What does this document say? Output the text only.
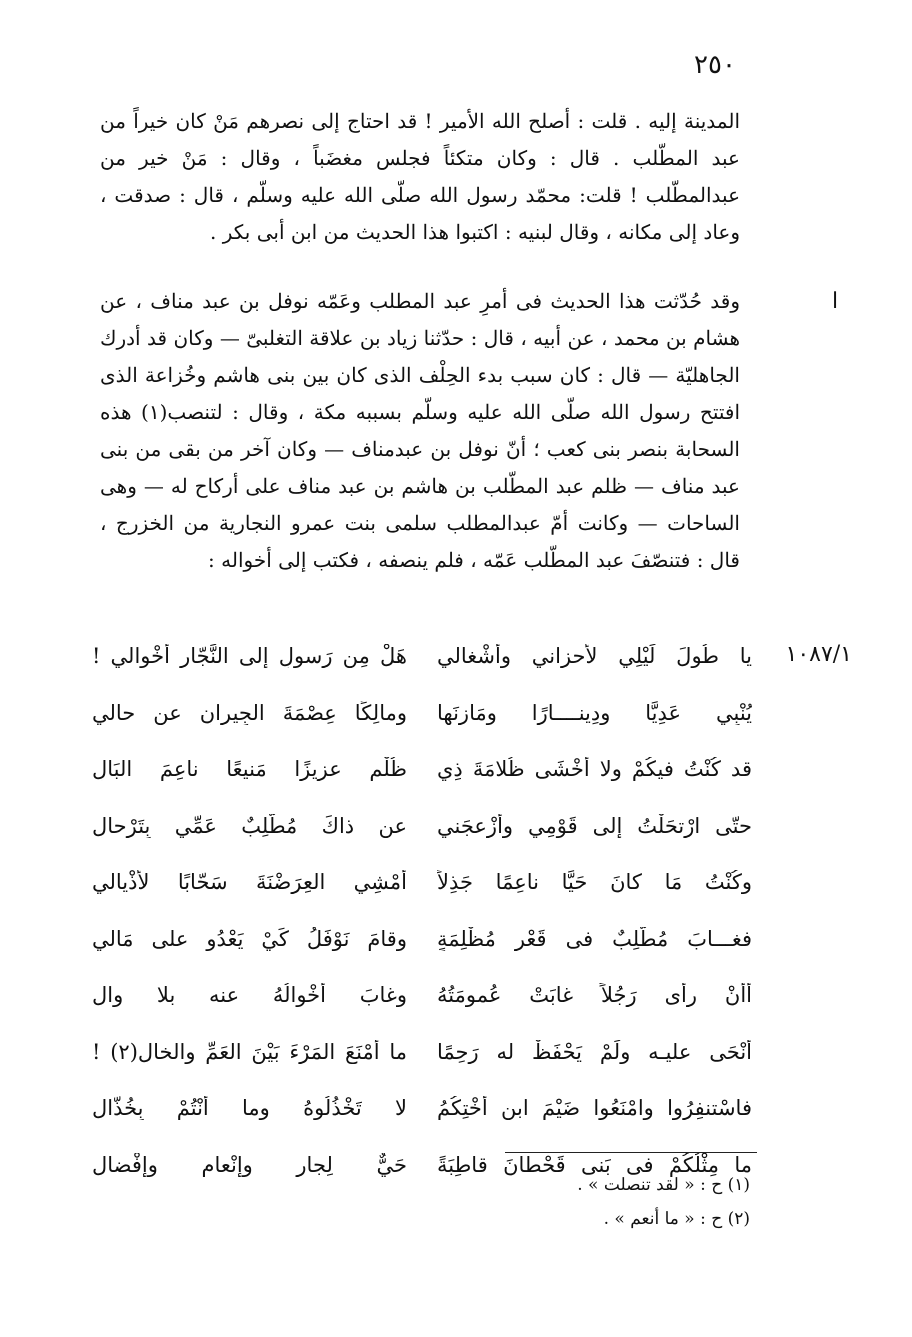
٢٥٠

المدينة إليه . قلت : أصلح الله الأمير ! قد احتاج إلى نصرهم مَنْ كان خيراً من عبد المطّلب . قال : وكان متكئاً فجلس مغضَباً ، وقال : مَنْ خير من عبدالمطّلب ! قلت: محمّد رسول الله صلّى الله عليه وسلّم ، قال : صدقت ، وعاد إلى مكانه ، وقال لبنيه : اكتبوا هذا الحديث من ابن أبى بكر .

ا

وقد حُدّثت هذا الحديث فى أمرِ عبد المطلب وعَمّه نوفل بن عبد مناف ، عن هشام بن محمد ، عن أبيه ، قال : حدّثنا زياد بن علاقة التغلبىّ — وكان قد أدرك الجاهليّة — قال : كان سبب بدء الحِلْف الذى كان بين بنى هاشم وخُزاعة الذى افتتح رسول الله صلّى الله عليه وسلّم بسببه مكة ، وقال : لتنصب(١) هذه السحابة بنصر بنى كعب ؛ أنّ نوفل بن عبدمناف — وكان آخر من بقى من بنى عبد مناف — ظلم عبد المطّلب بن هاشم بن عبد مناف على أركاح له — وهى الساحات — وكانت أمّ عبدالمطلب سلمى بنت عمرو النجارية من الخزرج ، قال : فتنصّفَ عبد المطّلب عَمّه ، فلم ينصفه ، فكتب إلى أخواله :

١٠٨٧/١
يا طُولَ لَيْلِي لأحزاني وأشْغالي
هَلْ مِن رَسولٍ إلى النَّجّارِ أخْوالي !
يُنْبِي عَدِيًّا ودِينــــارًا ومَازِنَها
ومالِكًا عِصْمَةَ الجِيرانِ عن حالي
قد كُنْتُ فيكُمْ ولا أخْشَى ظُلامَةَ ذِي
ظُلْمٍ عزيزًا مَنيعًا ناعِمَ البَالِ
حتّى ارْتحَلْتُ إلى قَوْمِي وأزْعجَني
عن ذاكَ مُطّلِبٌ عَمِّي بِتَرْحالِ
وكُنْتُ مَا كانَ حَيًّا ناعِمًا جَذِلاً
أمْشِي العِرَضْنَةَ سَحّابًا لأذْيالي
فغـــابَ مُطّلِبٌ فى قَعْرِ مُظْلِمَةٍ
وقامَ نَوْفَلُ كَيْ يَعْدُو على مَالي
أأنْ رأى رَجُلاً غابَتْ عُمومَتُهُ
وغابَ أخْوالُهُ عنه بلا والِ
أنْحَى عليـه ولَمْ يَحْفَظْ له رَحِمًا
ما أمْنَعَ المَرْءَ بَيْنَ العَمِّ والخالِ(٢) !
فاسْتنفِرُوا وامْنَعُوا ضَيْمَ ابنِ أخْتِكُمُ
لا تَخْذُلُوهُ وما أنْتُمْ بِخُذّالِ
ما مِثْلُكُمْ فى بَنى قَحْطانَ قاطِبَةً
حَيٌّ لِجارٍ وإنْعامٍ وإفْضالِ
(١) ح : « لقد تنصلت » .
(٢) ح : « ما أنعم » .
